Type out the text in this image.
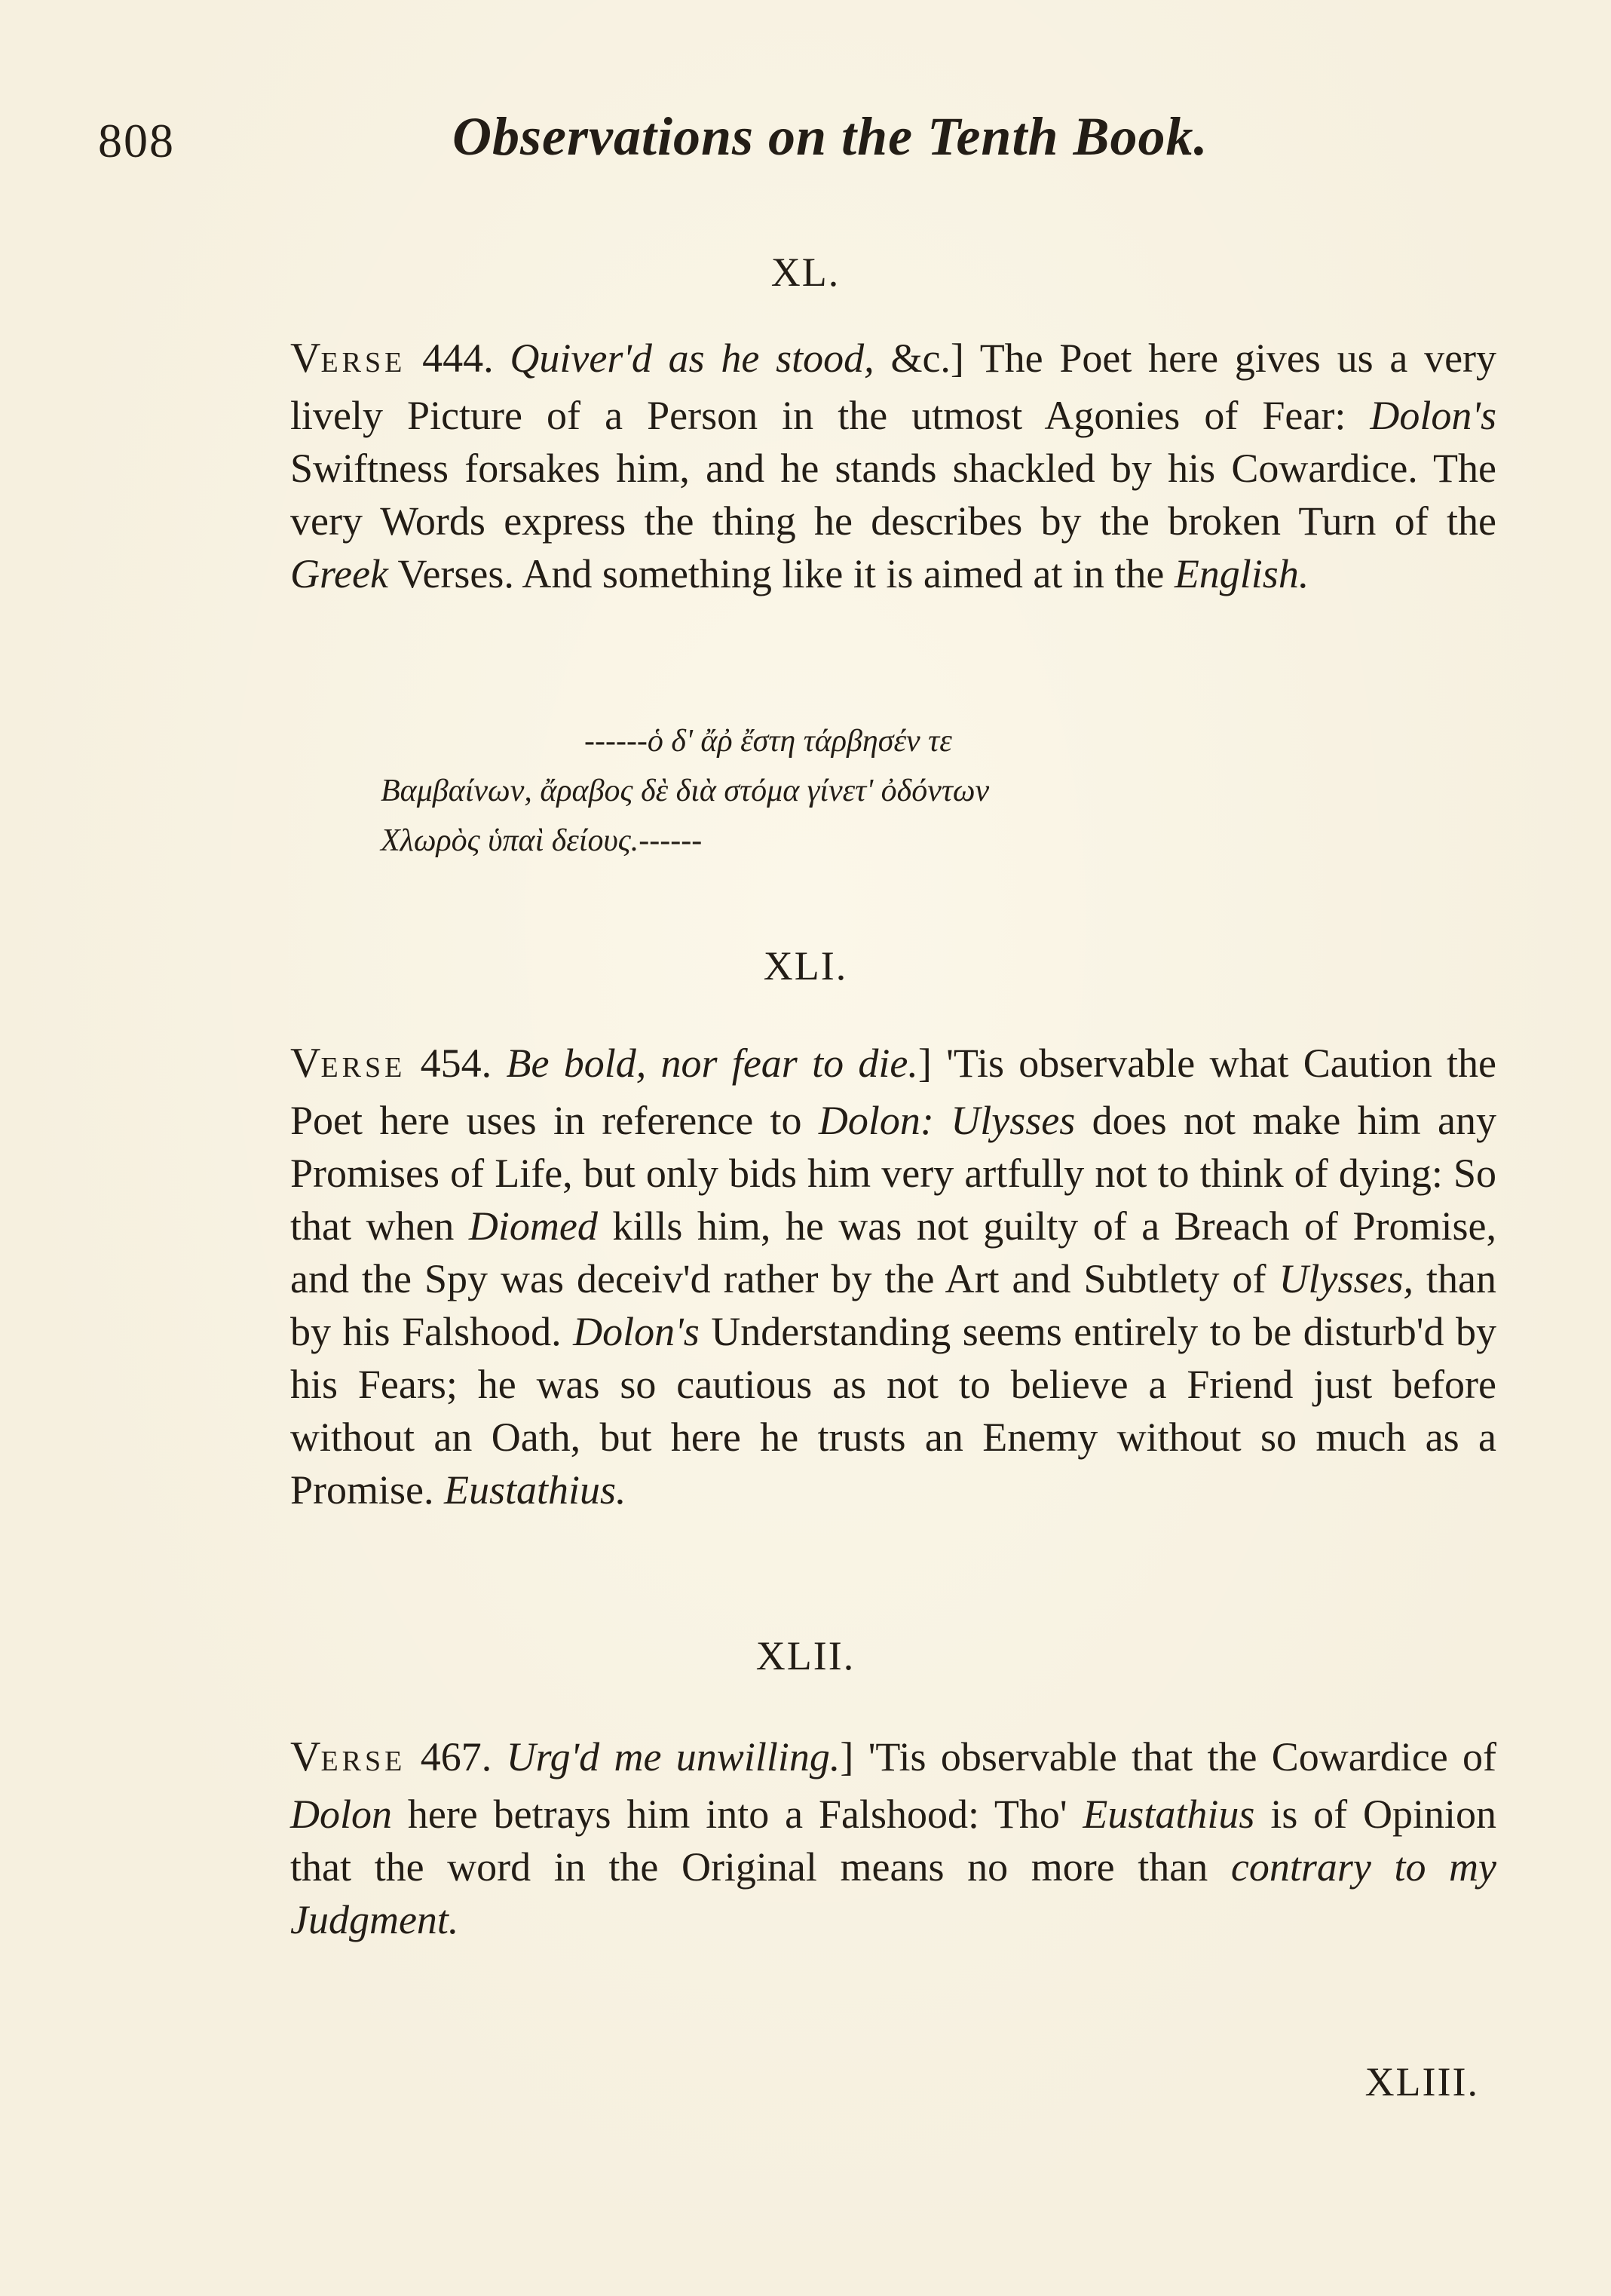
808	Observations on the Tenth Book.
XL.

VERSE 444. Quiver'd as he stood, &c.] The Poet here gives us a very lively Picture of a Person in the utmost Agonies of Fear: Dolon's Swiftness forsakes him, and he stands shackled by his Cowardice. The very Words express the thing he describes by the broken Turn of the Greek Verses. And something like it is aimed at in the English.

------ὁ δ' ἄῤ ἔστη τάρβησέν τε
Βαμβαίνων, ἄραβος δὲ διὰ στόμα γίνετ' ὀδόντων
Χλωρὸς ὑπαὶ δείους.------
XLI.

VERSE 454. Be bold, nor fear to die.] 'Tis observable what Caution the Poet here uses in reference to Dolon: Ulysses does not make him any Promises of Life, but only bids him very artfully not to think of dying: So that when Diomed kills him, he was not guilty of a Breach of Promise, and the Spy was deceiv'd rather by the Art and Subtlety of Ulysses, than by his Falshood. Dolon's Understanding seems entirely to be disturb'd by his Fears; he was so cautious as not to believe a Friend just before without an Oath, but here he trusts an Enemy without so much as a Promise. Eustathius.

XLII.

VERSE 467. Urg'd me unwilling.] 'Tis observable that the Cowardice of Dolon here betrays him into a Falshood: Tho' Eustathius is of Opinion that the word in the Original means no more than contrary to my Judgment.

XLIII.
